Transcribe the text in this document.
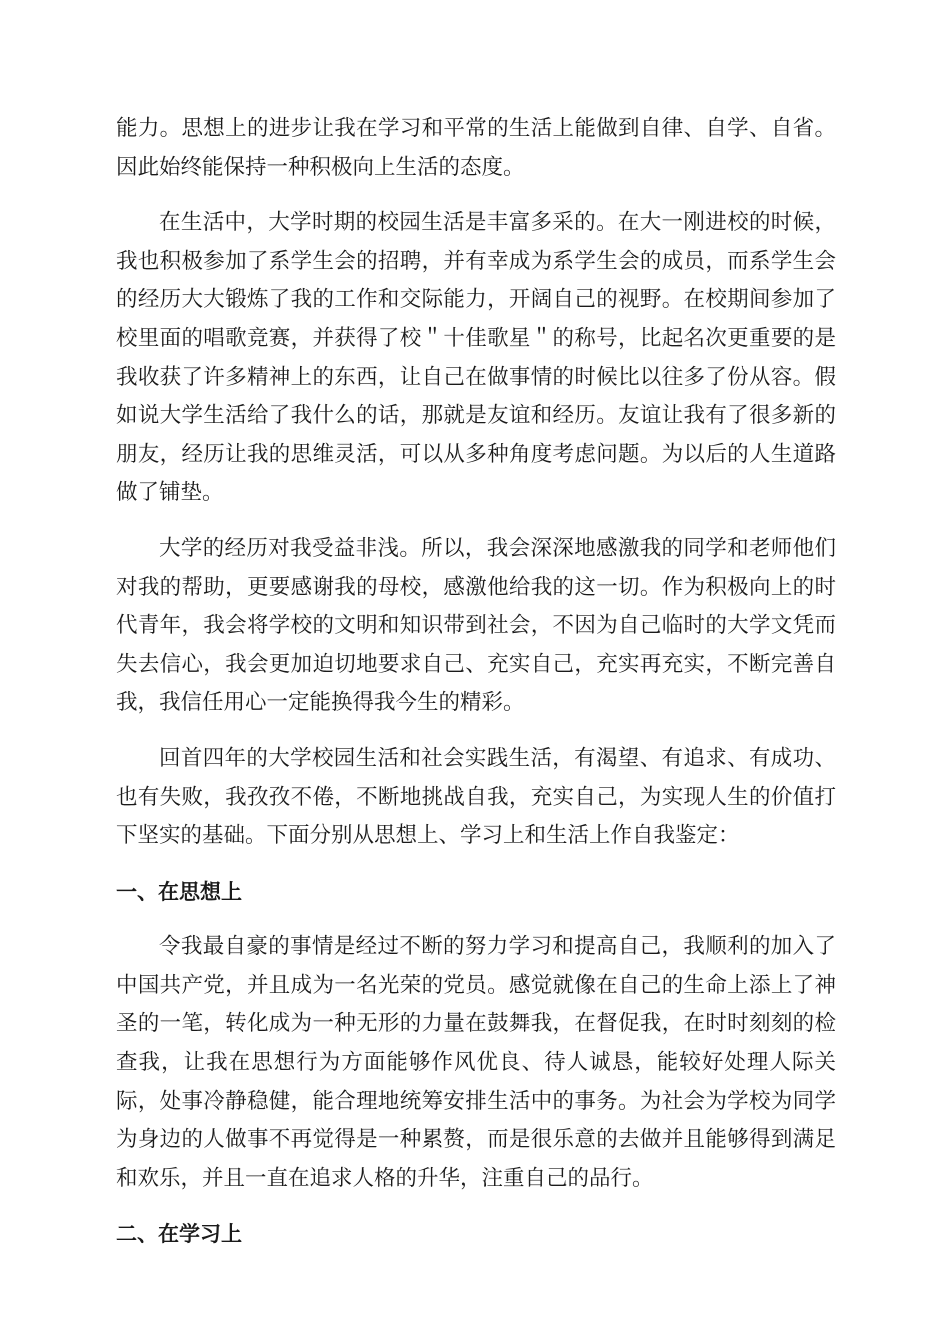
能力。思想上的进步让我在学习和平常的生活上能做到自律、自学、自省。因此始终能保持一种积极向上生活的态度。

在生活中，大学时期的校园生活是丰富多采的。在大一刚进校的时候，我也积极参加了系学生会的招聘，并有幸成为系学生会的成员，而系学生会的经历大大锻炼了我的工作和交际能力，开阔自己的视野。在校期间参加了校里面的唱歌竞赛，并获得了校＂十佳歌星＂的称号，比起名次更重要的是我收获了许多精神上的东西，让自己在做事情的时候比以往多了份从容。假如说大学生活给了我什么的话，那就是友谊和经历。友谊让我有了很多新的朋友，经历让我的思维灵活，可以从多种角度考虑问题。为以后的人生道路做了铺垫。

大学的经历对我受益非浅。所以，我会深深地感激我的同学和老师他们对我的帮助，更要感谢我的母校，感激他给我的这一切。作为积极向上的时代青年，我会将学校的文明和知识带到社会，不因为自己临时的大学文凭而失去信心，我会更加迫切地要求自己、充实自己，充实再充实，不断完善自我，我信任用心一定能换得我今生的精彩。

回首四年的大学校园生活和社会实践生活，有渴望、有追求、有成功、也有失败，我孜孜不倦，不断地挑战自我，充实自己，为实现人生的价值打下坚实的基础。下面分别从思想上、学习上和生活上作自我鉴定：

一、在思想上

令我最自豪的事情是经过不断的努力学习和提高自己，我顺利的加入了中国共产党，并且成为一名光荣的党员。感觉就像在自己的生命上添上了神圣的一笔，转化成为一种无形的力量在鼓舞我，在督促我，在时时刻刻的检查我，让我在思想行为方面能够作风优良、待人诚恳，能较好处理人际关际，处事冷静稳健，能合理地统筹安排生活中的事务。为社会为学校为同学为身边的人做事不再觉得是一种累赘，而是很乐意的去做并且能够得到满足和欢乐，并且一直在追求人格的升华，注重自己的品行。

二、在学习上
